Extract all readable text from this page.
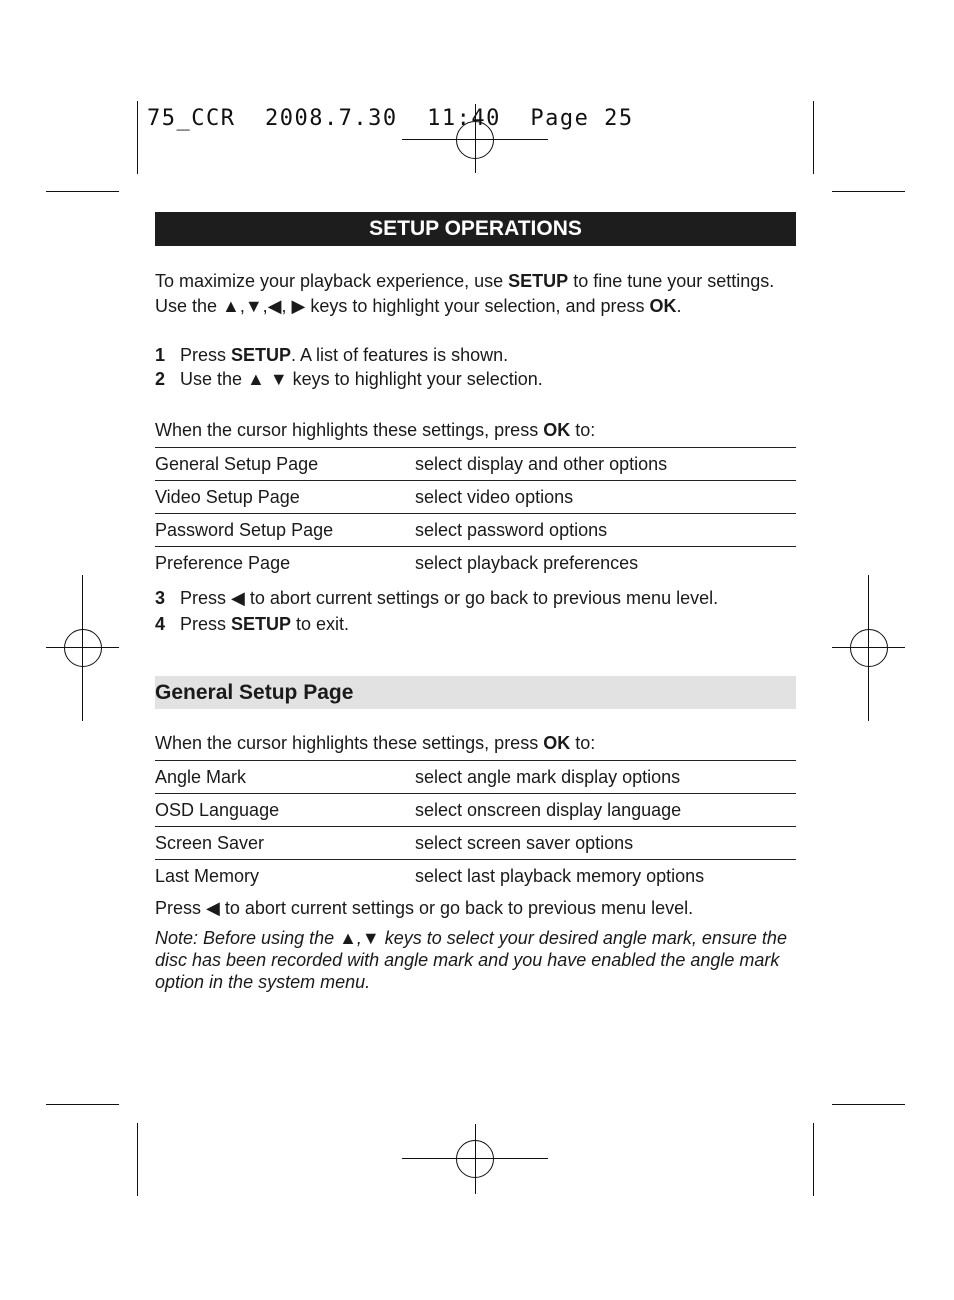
75_CCR  2008.7.30  11:40  Page 25
SETUP OPERATIONS

To maximize your playback experience, use SETUP to fine tune your settings.

Use the ▲,▼,◀, ▶ keys to highlight your selection, and press OK.

1 Press SETUP. A list of features is shown.
2 Use the ▲ ▼ keys to highlight your selection.
When the cursor highlights these settings, press OK to:
General Setup Page	select display and other options
Video Setup Page	select video options
Password Setup Page	select password options
Preference Page	select playback preferences
3 Press ◀ to abort current settings or go back to previous menu level.
4 Press SETUP to exit.
General Setup Page
When the cursor highlights these settings, press OK to:
Angle Mark	select angle mark display options
OSD Language	select onscreen display language
Screen Saver	select screen saver options
Last Memory	select last playback memory options
Press ◀ to abort current settings or go back to previous menu level.

Note: Before using the ▲,▼ keys to select your desired angle mark, ensure the

disc has been recorded with angle mark and you have enabled the angle mark

option in the system menu.
